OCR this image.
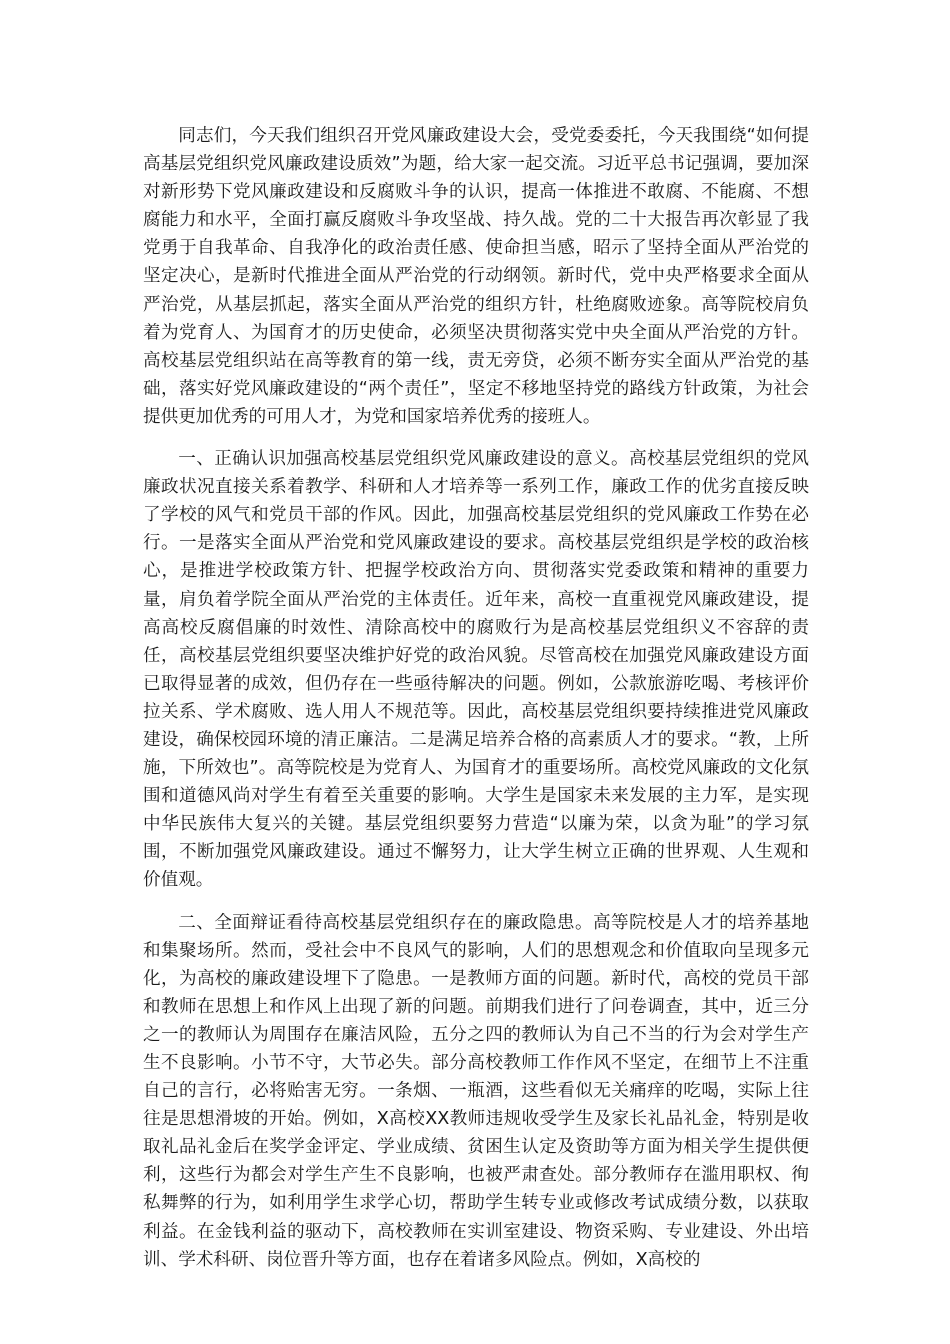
同志们，今天我们组织召开党风廉政建设大会，受党委委托，今天我围绕“如何提高基层党组织党风廉政建设质效”为题，给大家一起交流。习近平总书记强调，要加深对新形势下党风廉政建设和反腐败斗争的认识，提高一体推进不敢腐、不能腐、不想腐能力和水平，全面打赢反腐败斗争攻坚战、持久战。党的二十大报告再次彰显了我党勇于自我革命、自我净化的政治责任感、使命担当感，昭示了坚持全面从严治党的坚定决心，是新时代推进全面从严治党的行动纲领。新时代，党中央严格要求全面从严治党，从基层抓起，落实全面从严治党的组织方针，杜绝腐败迹象。高等院校肩负着为党育人、为国育才的历史使命，必须坚决贯彻落实党中央全面从严治党的方针。高校基层党组织站在高等教育的第一线，责无旁贷，必须不断夯实全面从严治党的基础，落实好党风廉政建设的“两个责任”，坚定不移地坚持党的路线方针政策，为社会提供更加优秀的可用人才，为党和国家培养优秀的接班人。

一、正确认识加强高校基层党组织党风廉政建设的意义。高校基层党组织的党风廉政状况直接关系着教学、科研和人才培养等一系列工作，廉政工作的优劣直接反映了学校的风气和党员干部的作风。因此，加强高校基层党组织的党风廉政工作势在必行。一是落实全面从严治党和党风廉政建设的要求。高校基层党组织是学校的政治核心，是推进学校政策方针、把握学校政治方向、贯彻落实党委政策和精神的重要力量，肩负着学院全面从严治党的主体责任。近年来，高校一直重视党风廉政建设，提高高校反腐倡廉的时效性、清除高校中的腐败行为是高校基层党组织义不容辞的责任，高校基层党组织要坚决维护好党的政治风貌。尽管高校在加强党风廉政建设方面已取得显著的成效，但仍存在一些亟待解决的问题。例如，公款旅游吃喝、考核评价拉关系、学术腐败、选人用人不规范等。因此，高校基层党组织要持续推进党风廉政建设，确保校园环境的清正廉洁。二是满足培养合格的高素质人才的要求。“教，上所施，下所效也”。高等院校是为党育人、为国育才的重要场所。高校党风廉政的文化氛围和道德风尚对学生有着至关重要的影响。大学生是国家未来发展的主力军，是实现中华民族伟大复兴的关键。基层党组织要努力营造“以廉为荣，以贪为耻”的学习氛围，不断加强党风廉政建设。通过不懈努力，让大学生树立正确的世界观、人生观和价值观。

二、全面辩证看待高校基层党组织存在的廉政隐患。高等院校是人才的培养基地和集聚场所。然而，受社会中不良风气的影响，人们的思想观念和价值取向呈现多元化，为高校的廉政建设埋下了隐患。一是教师方面的问题。新时代，高校的党员干部和教师在思想上和作风上出现了新的问题。前期我们进行了问卷调查，其中，近三分之一的教师认为周围存在廉洁风险，五分之四的教师认为自己不当的行为会对学生产生不良影响。小节不守，大节必失。部分高校教师工作作风不坚定，在细节上不注重自己的言行，必将贻害无穷。一条烟、一瓶酒，这些看似无关痛痒的吃喝，实际上往往是思想滑坡的开始。例如，X高校XX教师违规收受学生及家长礼品礼金，特别是收取礼品礼金后在奖学金评定、学业成绩、贫困生认定及资助等方面为相关学生提供便利，这些行为都会对学生产生不良影响，也被严肃查处。部分教师存在滥用职权、徇私舞弊的行为，如利用学生求学心切，帮助学生转专业或修改考试成绩分数，以获取利益。在金钱利益的驱动下，高校教师在实训室建设、物资采购、专业建设、外出培训、学术科研、岗位晋升等方面，也存在着诸多风险点。例如，X高校的
